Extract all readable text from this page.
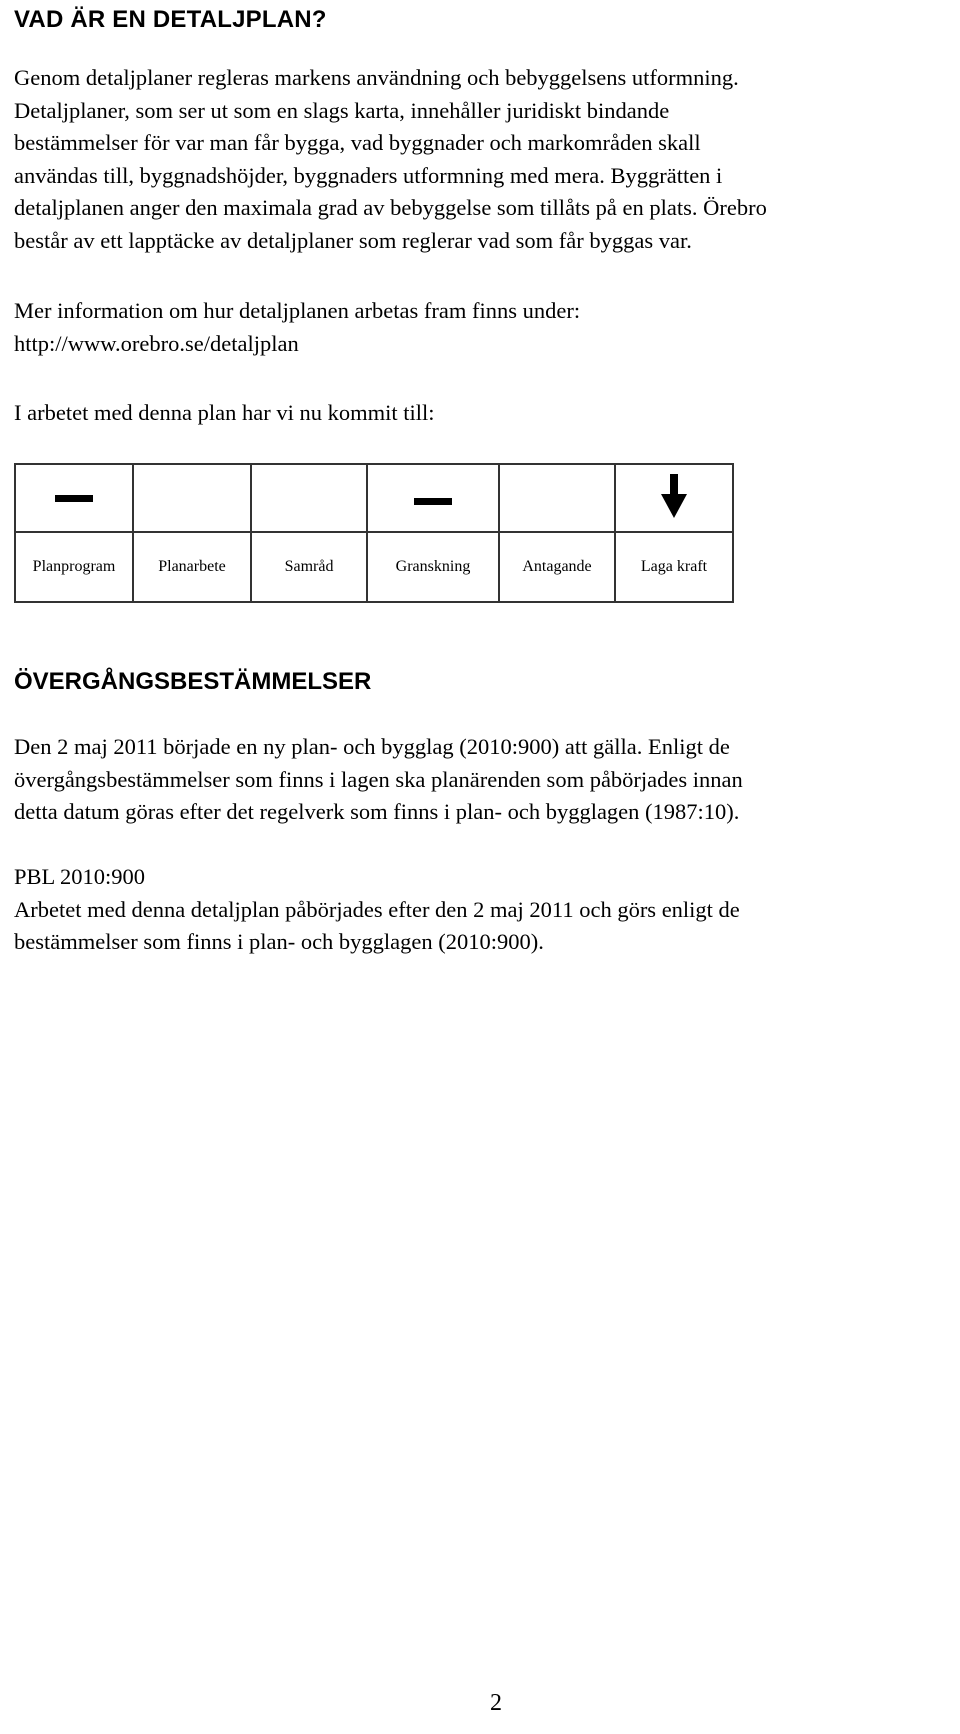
VAD ÄR EN DETALJPLAN?

Genom detaljplaner regleras markens användning och bebyggelsens utformning.
Detaljplaner, som ser ut som en slags karta, innehåller juridiskt bindande
bestämmelser för var man får bygga, vad byggnader och markområden skall
användas till, byggnadshöjder, byggnaders utformning med mera. Byggrätten i
detaljplanen anger den maximala grad av bebyggelse som tillåts på en plats. Örebro
består av ett lapptäcke av detaljplaner som reglerar vad som får byggas var.

Mer information om hur detaljplanen arbetas fram finns under:
http://www.orebro.se/detaljplan

I arbetet med denna plan har vi nu kommit till:

Planprogram	Planarbete	Samråd	Granskning	Antagande	Laga kraft
ÖVERGÅNGSBESTÄMMELSER

Den 2 maj 2011 började en ny plan- och bygglag (2010:900) att gälla. Enligt de
övergångsbestämmelser som finns i lagen ska planärenden som påbörjades innan
detta datum göras efter det regelverk som finns i plan- och bygglagen (1987:10).

PBL 2010:900
Arbetet med denna detaljplan påbörjades efter den 2 maj 2011 och görs enligt de
bestämmelser som finns i plan- och bygglagen (2010:900).

2
